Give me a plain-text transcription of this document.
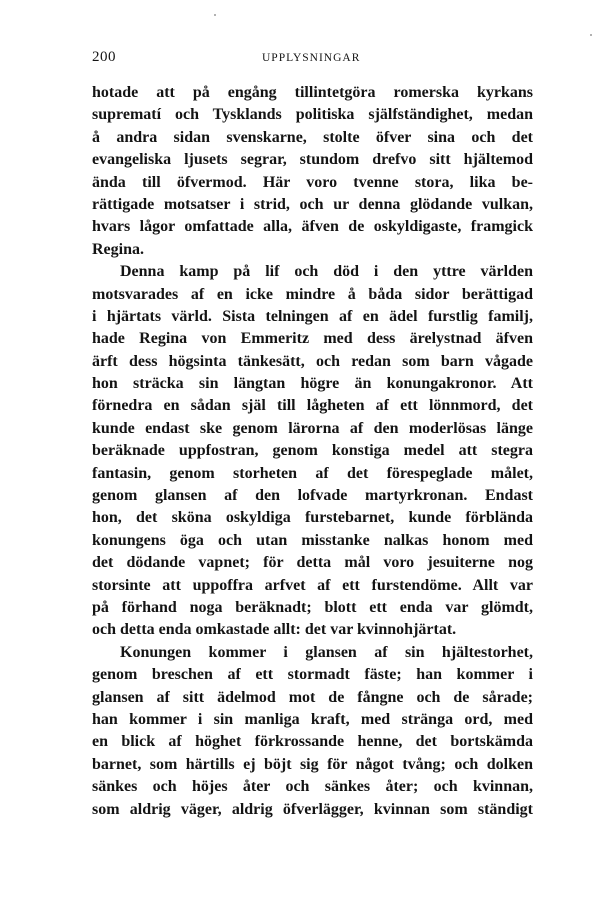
200	UPPLYSNINGAR
hotade att på engång tillintetgöra romerska kyrkans
suprematí och Tysklands politiska själfständighet, medan
å andra sidan svenskarne, stolte öfver sina och det
evangeliska ljusets segrar, stundom drefvo sitt hjältemod
ända till öfvermod. Här voro tvenne stora, lika be-
rättigade motsatser i strid, och ur denna glödande vulkan,
hvars lågor omfattade alla, äfven de oskyldigaste, framgick
Regina.
Denna kamp på lif och död i den yttre världen
motsvarades af en icke mindre å båda sidor berättigad
i hjärtats värld. Sista telningen af en ädel furstlig familj,
hade Regina von Emmeritz med dess ärelystnad äfven
ärft dess högsinta tänkesätt, och redan som barn vågade
hon sträcka sin längtan högre än konungakronor. Att
förnedra en sådan själ till lågheten af ett lönnmord, det
kunde endast ske genom lärorna af den moderlösas länge
beräknade uppfostran, genom konstiga medel att stegra
fantasin, genom storheten af det förespeglade målet,
genom glansen af den lofvade martyrkronan. Endast
hon, det sköna oskyldiga furstebarnet, kunde förblända
konungens öga och utan misstanke nalkas honom med
det dödande vapnet; för detta mål voro jesuiterne nog
storsinte att uppoffra arfvet af ett furstendöme. Allt var
på förhand noga beräknadt; blott ett enda var glömdt,
och detta enda omkastade allt: det var kvinnohjärtat.
Konungen kommer i glansen af sin hjältestorhet,
genom breschen af ett stormadt fäste; han kommer i
glansen af sitt ädelmod mot de fångne och de sårade;
han kommer i sin manliga kraft, med stränga ord, med
en blick af höghet förkrossande henne, det bortskämda
barnet, som härtills ej böjt sig för något tvång; och dolken
sänkes och höjes åter och sänkes åter; och kvinnan,
som aldrig väger, aldrig öfverlägger, kvinnan som ständigt
